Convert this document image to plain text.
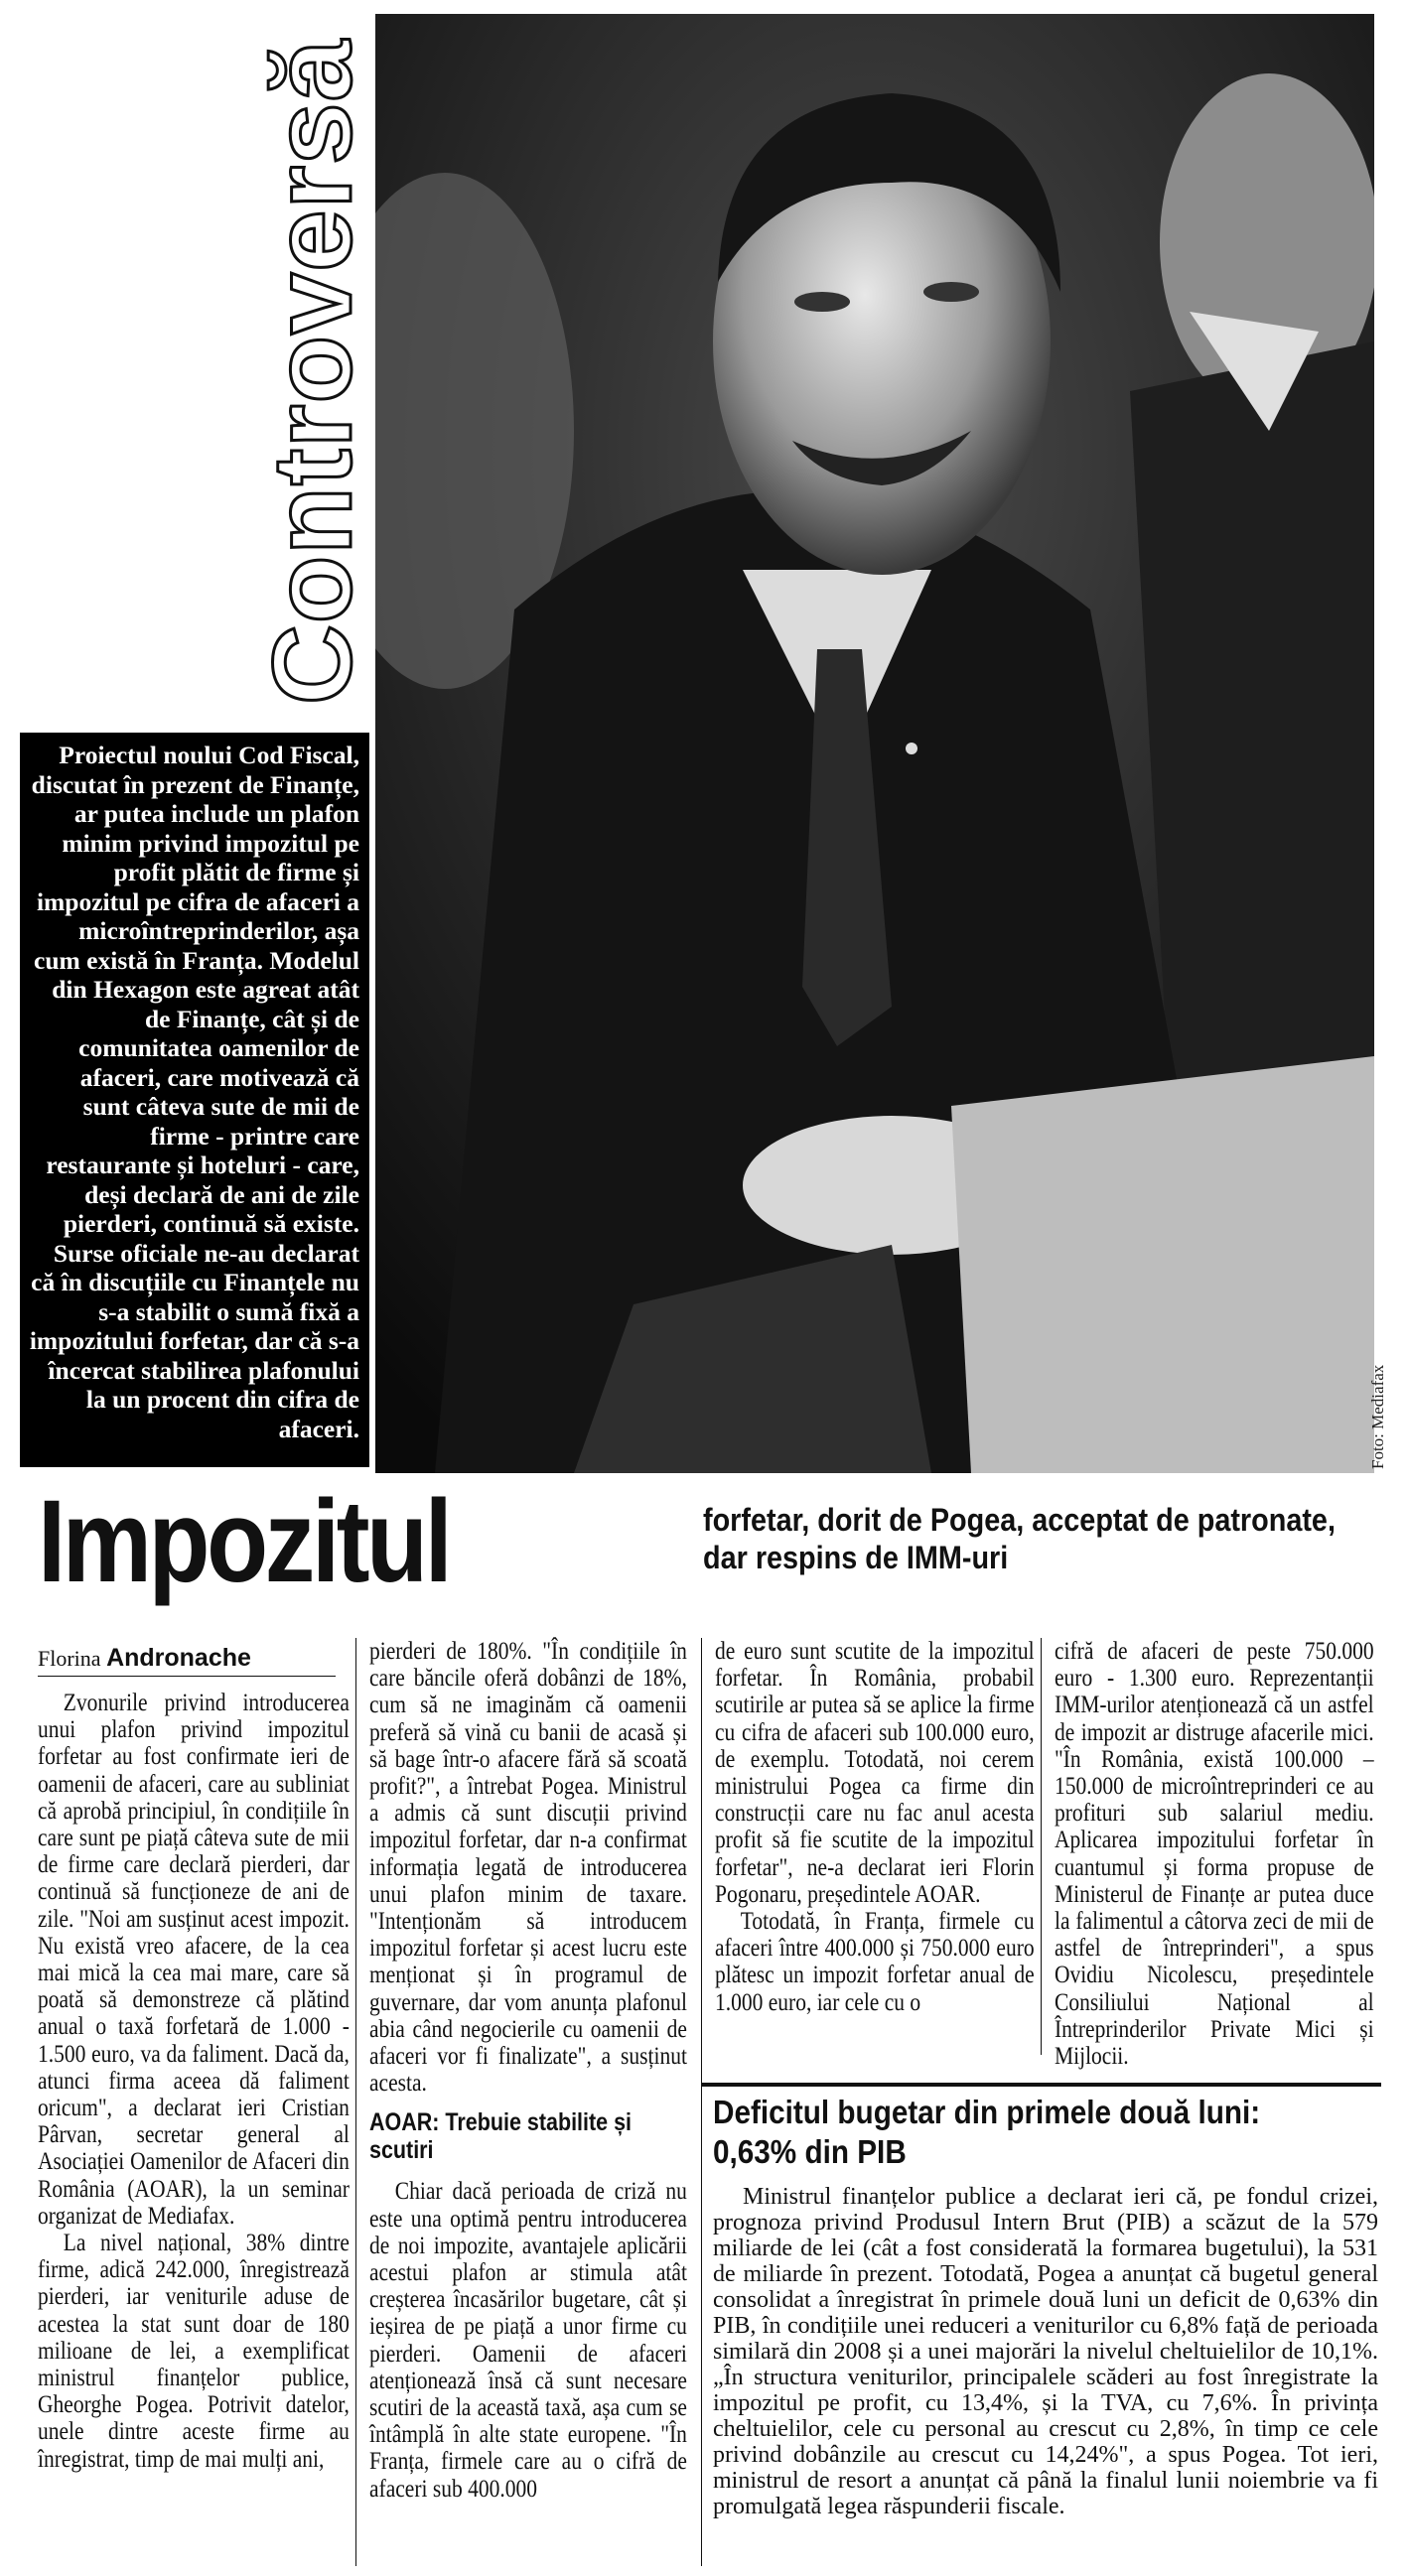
Foto: Mediafax
Controversă
Proiectul noului Cod Fiscal, discutat în prezent de Finanțe, ar putea include un plafon minim privind impozitul pe profit plătit de firme și impozitul pe cifra de afaceri a microîntreprinderilor, așa cum există în Franța. Modelul din Hexagon este agreat atât de Finanțe, cât și de comunitatea oamenilor de afaceri, care motivează că sunt câteva sute de mii de firme - printre care restaurante și hoteluri - care, deși declară de ani de zile pierderi, continuă să existe. Surse oficiale ne-au declarat că în discuțiile cu Finanțele nu s-a stabilit o sumă fixă a impozitului forfetar, dar că s-a încercat stabilirea plafonului la un procent din cifra de afaceri.
Impozitul	forfetar, dorit de Pogea, acceptat de patronate,
dar respins de IMM-uri
Florina Andronache

Zvonurile privind introducerea unui plafon privind impozitul forfetar au fost confirmate ieri de oamenii de afaceri, care au subliniat că aprobă principiul, în condițiile în care sunt pe piață câteva sute de mii de firme care declară pierderi, dar continuă să funcționeze de ani de zile. "Noi am susținut acest impozit. Nu există vreo afacere, de la cea mai mică la cea mai mare, care să poată să demonstreze că plătind anual o taxă forfetară de 1.000 - 1.500 euro, va da faliment. Dacă da, atunci firma aceea dă faliment oricum", a declarat ieri Cristian Pârvan, secretar general al Asociației Oamenilor de Afaceri din România (AOAR), la un seminar organizat de Mediafax.

La nivel național, 38% dintre firme, adică 242.000, înregistrează pierderi, iar veniturile aduse de acestea la stat sunt doar de 180 milioane de lei, a exemplificat ministrul finanțelor publice, Gheorghe Pogea. Potrivit datelor, unele dintre aceste firme au înregistrat, timp de mai mulți ani,

pierderi de 180%. "În condițiile în care băncile oferă dobânzi de 18%, cum să ne imaginăm că oamenii preferă să vină cu banii de acasă și să bage într-o afacere fără să scoată profit?", a întrebat Pogea. Ministrul a admis că sunt discuții privind impozitul forfetar, dar n-a confirmat informația legată de introducerea unui plafon minim de taxare. "Intenționăm să introducem impozitul forfetar și acest lucru este menționat și în programul de guvernare, dar vom anunța plafonul abia când negocierile cu oamenii de afaceri vor fi finalizate", a susținut acesta.

AOAR: Trebuie stabilite și scutiri

Chiar dacă perioada de criză nu este una optimă pentru introducerea de noi impozite, avantajele aplicării acestui plafon ar stimula atât creșterea încasărilor bugetare, cât și ieșirea de pe piață a unor firme cu pierderi. Oamenii de afaceri atenționează însă că sunt necesare scutiri de la această taxă, așa cum se întâmplă în alte state europene. "În Franța, firmele care au o cifră de afaceri sub 400.000

de euro sunt scutite de la impozitul forfetar. În România, probabil scutirile ar putea să se aplice la firme cu cifra de afaceri sub 100.000 euro, de exemplu. Totodată, noi cerem ministrului Pogea ca firme din construcții care nu fac anul acesta profit să fie scutite de la impozitul forfetar", ne-a declarat ieri Florin Pogonaru, președintele AOAR.

Totodată, în Franța, firmele cu afaceri între 400.000 și 750.000 euro plătesc un impozit forfetar anual de 1.000 euro, iar cele cu o

cifră de afaceri de peste 750.000 euro - 1.300 euro. Reprezentanții IMM-urilor atenționează că un astfel de impozit ar distruge afacerile mici. "În România, există 100.000 – 150.000 de microîntreprinderi ce au profituri sub salariul mediu. Aplicarea impozitului forfetar în cuantumul și forma propuse de Ministerul de Finanțe ar putea duce la falimentul a câtorva zeci de mii de astfel de întreprinderi", a spus Ovidiu Nicolescu, președintele Consiliului Național al Întreprinderilor Private Mici și Mijlocii.

Deficitul bugetar din primele două luni:
0,63% din PIB

Ministrul finanțelor publice a declarat ieri că, pe fondul crizei, prognoza privind Produsul Intern Brut (PIB) a scăzut de la 579 miliarde de lei (cât a fost considerată la formarea bugetului), la 531 de miliarde în prezent. Totodată, Pogea a anunțat că bugetul general consolidat a înregistrat în primele două luni un deficit de 0,63% din PIB, în condițiile unei reduceri a veniturilor cu 6,8% față de perioada similară din 2008 și a unei majorări la nivelul cheltuielilor de 10,1%. „În structura veniturilor, principalele scăderi au fost înregistrate la impozitul pe profit, cu 13,4%, și la TVA, cu 7,6%. În privința cheltuielilor, cele cu personal au crescut cu 2,8%, în timp ce cele privind dobânzile au crescut cu 14,24%", a spus Pogea. Tot ieri, ministrul de resort a anunțat că până la finalul lunii noiembrie va fi promulgată legea răspunderii fiscale.
